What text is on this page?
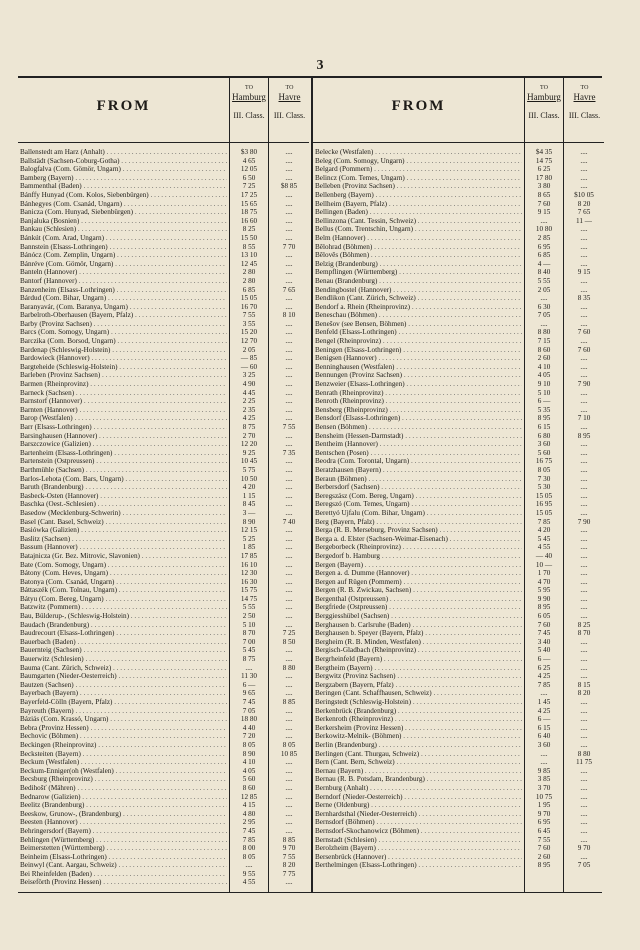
3
FROM
TO
Hamburg
III. Class.
TO
Havre
III. Class.
Ballenstedt am Harz (Anhalt) . . .	$3 80	....
Ballstädt (Sachsen-Coburg-Gotha) . . .	4 65	....
Balogfalva (Com. Gömör, Ungarn) . . .	12 05	....
Bamberg (Bayern) . . .	6 50	....
Bammenthal (Baden) . . .	7 25	$8 85
Bánffy Hunyad (Com. Kolos, Siebenbürgen) . . .	17 25	....
Bánhegyes (Com. Csanád, Ungarn) . . .	15 65	....
Banicza (Com. Hunyad, Siebenbürgen) . . .	18 75	....
Banjaluka (Bosnien) . . .	16 60	....
Bankau (Schlesien) . . .	8 25	....
Bánkút (Com. Arad, Ungarn) . . .	15 50	....
Bannstein (Elsass-Lothringen) . . .	8 55	7 70
Bánócz (Com. Zemplin, Ungarn) . . .	13 10	....
Bánréve (Com. Gömör, Ungarn) . . .	12 45	....
Banteln (Hannover) . . .	2 80	....
Bantorf (Hannover) . . .	2 80	....
Banzenheim (Elsass-Lothringen) . . .	6 85	7 65
Bárdud (Com. Bihar, Ungarn) . . .	15 05	....
Baranyavár, (Com. Baranya, Ungarn) . . .	16 70	....
Barbelroth-Oberhausen (Bayern, Pfalz) . . .	7 55	8 10
Barby (Provinz Sachsen) . . .	3 55	....
Barcs (Com. Somogy, Ungarn) . . .	15 20	....
Barczika (Com. Borsod, Ungarn) . . .	12 70	....
Bardenap (Schleswig-Holstein) . . .	2 05	....
Bardowieck (Hannover) . . .	— 85	....
Bargteheide (Schleswig-Holstein) . . .	— 60	....
Barleben (Provinz Sachsen) . . .	3 25	....
Barmen (Rheinprovinz) . . .	4 90	....
Barneck (Sachsen) . . .	4 45	....
Barnstorf (Hannover) . . .	2 25	....
Barnten (Hannover) . . .	2 35	....
Barop (Westfalen) . . .	4 25	....
Barr (Elsass-Lothringen) . . .	8 75	7 55
Barsinghausen (Hannover) . . .	2 70	....
Barszczowice (Galizien) . . .	12 20	....
Bartenheim (Elsass-Lothringen) . . .	9 25	7 35
Bartenstein (Ostpreussen) . . .	10 45	....
Barthmühle (Sachsen) . . .	5 75	....
Barlos-Lehota (Com. Bars, Ungarn) . . .	10 50	....
Baruth (Brandenburg) . . .	4 20	....
Basbeck-Osten (Hannover) . . .	1 15	....
Baschka (Oest.-Schlesien) . . .	8 45	....
Basedow (Mecklenburg-Schwerin) . . .	3 —	....
Basel (Cant. Basel, Schweiz) . . .	8 90	7 40
Basiówka (Galizien) . . .	12 15	....
Baslitz (Sachsen) . . .	5 25	....
Bassum (Hannover) . . .	1 85	....
Batajnicza (Gr. Bez. Mitrovic, Slavonien) . . .	17 85	....
Bate (Com. Somogy, Ungarn) . . .	16 10	....
Bátony (Com. Heves, Ungarn) . . .	12 30	....
Batonya (Com. Csanád, Ungarn) . . .	16 30	....
Báttaszék (Com. Tolnau, Ungarn) . . .	15 75	....
Bátyu (Com. Bereg, Ungarn) . . .	14 75	....
Batzwitz (Pommern) . . .	5 55	....
Bau, Bülderup-, (Schleswig-Holstein) . . .	2 50	....
Baudach (Brandenburg) . . .	5 10	....
Baudrecourt (Elsass-Lothringen) . . .	8 70	7 25
Bauerbach (Baden) . . .	7 00	8 50
Bauernteig (Sachsen) . . .	5 45	....
Bauerwitz (Schlesien) . . .	8 75	....
Bauma (Cant. Zürich, Schweiz) . . .	....	8 80
Baumgarten (Nieder-Oesterreich) . . .	11 30	....
Bautzen (Sachsen) . . .	6 —	....
Bayerbach (Bayern) . . .	9 65	....
Bayerfeld-Cölln (Bayern, Pfalz) . . .	7 45	8 85
Bayreuth (Bayern) . . .	7 05	....
Báziás (Com. Krassó, Ungarn) . . .	18 80	....
Bebra (Provinz Hessen) . . .	4 40	....
Bechovic (Böhmen) . . .	7 20	....
Beckingen (Rheinprovinz) . . .	8 05	8 05
Becksteiten (Bayern) . . .	8 90	10 85
Beckum (Westfalen) . . .	4 10	....
Beckum-Enniger(oh (Westfalen) . . .	4 05	....
Becsburg (Rheinprovinz) . . .	5 60	....
Bedihošť (Mähren) . . .	8 60	....
Bednarow (Galizien) . . .	12 85	....
Beelitz (Brandenburg) . . .	4 15	....
Beeskow, Grunow-, (Brandenburg) . . .	4 80	....
Beesten (Hannover) . . .	2 95	....
Behringersdorf (Bayern) . . .	7 45	....
Behlingen (Württemberg) . . .	7 85	8 85
Beimerstetten (Württemberg) . . .	8 00	9 70
Beinheim (Elsass-Lothringen) . . .	8 05	7 55
Beinwyl (Cant. Aargau, Schweiz) . . .	....	8 20
Bei Rheinfelden (Baden) . . .	9 55	7 75
Beiseförth (Provinz Hessen) . . .	4 55	....
FROM
TO
Hamburg
III. Class.
TO
Havre
III. Class.
Belecke (Westfalen) . . .	$4 35	....
Beleg (Com. Somogy, Ungarn) . . .	14 75	....
Belgard (Pommern) . . .	6 25	....
Belincz (Com. Temes, Ungarn) . . .	17 80	....
Belleben (Provinz Sachsen) . . .	3 80	....
Bellenberg (Bayern) . . .	8 65	$10 05
Bellheim (Bayern, Pfalz) . . .	7 60	8 20
Bellingen (Baden) . . .	9 15	7 65
Bellinzona (Cant. Tessin, Schweiz) . . .	....	11 —
Bellus (Com. Trentschin, Ungarn) . . .	10 80	....
Belm (Hannover) . . .	2 85	....
Bělohrad (Böhmen) . . .	6 95	....
Bělověs (Böhmen) . . .	6 85	....
Belzig (Brandenburg) . . .	4 —	....
Bempflingen (Württemberg) . . .	8 40	9 15
Benau (Brandenburg) . . .	5 55	....
Bendingbostel (Hannover) . . .	2 05	....
Bendlikon (Cant. Zürich, Schweiz) . . .	....	8 35
Bendorf a. Rhein (Rheinprovinz) . . .	6 30	....
Beneschau (Böhmen) . . .	7 05	....
Benešov (see Bensen, Böhmen) . . .	....	....
Benfeld (Elsass-Lothringen) . . .	8 80	7 60
Bengel (Rheinprovinz) . . .	7 15	....
Beningen (Elsass-Lothringen) . . .	8 60	7 60
Benigsen (Hannover) . . .	2 60	....
Benninghausen (Westfalen) . . .	4 10	....
Bennungen (Provinz Sachsen) . . .	4 05	....
Benzweier (Elsass-Lothringen) . . .	9 10	7 90
Benrath (Rheinprovinz) . . .	5 10	....
Benroth (Rheinprovinz) . . .	6 —	....
Bensberg (Rheinprovinz) . . .	5 35	....
Bensdorf (Elsass-Lothringen) . . .	8 95	7 10
Bensen (Böhmen) . . .	6 15	....
Bensheim (Hessen-Darmstadt) . . .	6 80	8 95
Bentheim (Hannover) . . .	3 60	....
Bentschen (Posen) . . .	5 60	....
Beodra (Com. Torontal, Ungarn) . . .	16 75	....
Beratzhausen (Bayern) . . .	8 05	....
Beraun (Böhmen) . . .	7 30	....
Berbersdorf (Sachsen) . . .	5 30	....
Beregszász (Com. Bereg, Ungarn) . . .	15 05	....
Beregszó (Com. Temes, Ungarn) . . .	16 95	....
Berettyó Ujfalu (Com. Bihar, Ungarn) . . .	15 05	....
Berg (Bayern, Pfalz) . . .	7 85	7 90
Berga (R. B. Merseburg, Provinz Sachsen) . . .	4 20	....
Berga a. d. Elster (Sachsen-Weimar-Eisenach) . . .	5 45	....
Bergeborbeck (Rheinprovinz) . . .	4 55	....
Bergedorf b. Hamburg . . .	— 40	....
Bergen (Bayern) . . .	10 —	....
Bergen a. d. Dumme (Hannover) . . .	1 70	....
Bergen auf Rügen (Pommern) . . .	4 70	....
Bergen (R. B. Zwickau, Sachsen) . . .	5 95	....
Bergenthal (Ostpreussen) . . .	9 90	....
Bergfriede (Ostpreussen) . . .	8 95	....
Berggiesshübel (Sachsen) . . .	6 05	....
Berghausen b. Carlsruhe (Baden) . . .	7 60	8 25
Berghausen b. Speyer (Bayern, Pfalz) . . .	7 45	8 70
Bergheim (R. B. Minden, Westfalen) . . .	3 40	....
Bergisch-Gladbach (Rheinprovinz) . . .	5 40	....
Bergrheinfeld (Bayern) . . .	6 —	....
Bergtheim (Bayern) . . .	6 25	....
Bergwitz (Provinz Sachsen) . . .	4 25	....
Bergzabern (Bayern, Pfalz) . . .	7 85	8 15
Beringen (Cant. Schaffhausen, Schweiz) . . .	....	8 20
Beringstedt (Schleswig-Holstein) . . .	1 45	....
Berkenbrück (Brandenburg) . . .	4 25	....
Berkenroth (Rheinprovinz) . . .	6 —	....
Berkersheim (Provinz Hessen) . . .	6 15	....
Berkowitz-Melnik- (Böhmen) . . .	6 40	....
Berlin (Brandenburg) . . .	3 60	....
Berlingen (Cant. Thurgau, Schweiz) . . .	....	8 80
Bern (Cant. Bern, Schweiz) . . .	....	11 75
Bernau (Bayern) . . .	9 85	....
Bernau (R. B. Potsdam, Brandenburg) . . .	3 85	....
Bernburg (Anhalt) . . .	3 70	....
Berndorf (Nieder-Oesterreich) . . .	10 75	....
Berne (Oldenburg) . . .	1 95	....
Bernhardsthal (Nieder-Oesterreich) . . .	9 70	....
Bernsdorf (Böhmen) . . .	6 95	....
Bernsdorf-Skochanowicz (Böhmen) . . .	6 45	....
Bernstadt (Schlesien) . . .	7 55	....
Berolzheim (Bayern) . . .	7 60	9 70
Bersenbrück (Hannover) . . .	2 60	....
Berthelmingen (Elsass-Lothringen) . . .	8 95	7 05
